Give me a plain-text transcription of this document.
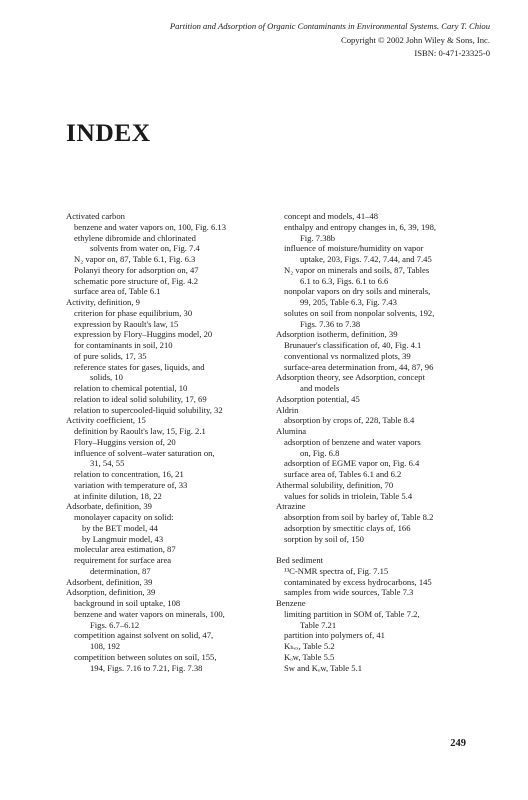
Partition and Adsorption of Organic Contaminants in Environmental Systems. Cary T. Chiou
Copyright © 2002 John Wiley & Sons, Inc.
ISBN: 0-471-23325-0
INDEX
Activated carbon
benzene and water vapors on, 100, Fig. 6.13
ethylene dibromide and chlorinated
solvents from water on, Fig. 7.4
N₂ vapor on, 87, Table 6.1, Fig. 6.3
Polanyi theory for adsorption on, 47
schematic pore structure of, Fig. 4.2
surface area of, Table 6.1
Activity, definition, 9
criterion for phase equilibrium, 30
expression by Raoult's law, 15
expression by Flory–Huggins model, 20
for contaminants in soil, 210
of pure solids, 17, 35
reference states for gases, liquids, and
solids, 10
relation to chemical potential, 10
relation to ideal solid solubility, 17, 69
relation to supercooled-liquid solubility, 32
Activity coefficient, 15
definition by Raoult's law, 15, Fig. 2.1
Flory–Huggins version of, 20
influence of solvent–water saturation on,
31, 54, 55
relation to concentration, 16, 21
variation with temperature of, 33
at infinite dilution, 18, 22
Adsorbate, definition, 39
monolayer capacity on solid:
by the BET model, 44
by Langmuir model, 43
molecular area estimation, 87
requirement for surface area
determination, 87
Adsorbent, definition, 39
Adsorption, definition, 39
background in soil uptake, 108
benzene and water vapors on minerals, 100,
Figs. 6.7–6.12
competition against solvent on solid, 47,
108, 192
competition between solutes on soil, 155,
194, Figs. 7.16 to 7.21, Fig. 7.38
concept and models, 41–48
enthalpy and entropy changes in, 6, 39, 198,
Fig. 7.38b
influence of moisture/humidity on vapor
uptake, 203, Figs. 7.42, 7.44, and 7.45
N₂ vapor on minerals and soils, 87, Tables
6.1 to 6.3, Figs. 6.1 to 6.6
nonpolar vapors on dry soils and minerals,
99, 205, Table 6.3, Fig. 7.43
solutes on soil from nonpolar solvents, 192,
Figs. 7.36 to 7.38
Adsorption isotherm, definition, 39
Brunauer's classification of, 40, Fig. 4.1
conventional vs normalized plots, 39
surface-area determination from, 44, 87, 96
Adsorption theory, see Adsorption, concept
and models
Adsorption potential, 45
Aldrin
absorption by crops of, 228, Table 8.4
Alumina
adsorption of benzene and water vapors
on, Fig. 6.8
adsorption of EGME vapor on, Fig. 6.4
surface area of, Tables 6.1 and 6.2
Athermal solubility, definition, 70
values for solids in triolein, Table 5.4
Atrazine
absorption from soil by barley of, Table 8.2
adsorption by smectitic clays of, 166
sorption by soil of, 150
Bed sediment
¹³C-NMR spectra of, Fig. 7.15
contaminated by excess hydrocarbons, 145
samples from wide sources, Table 7.3
Benzene
limiting partition in SOM of, Table 7.2,
Table 7.21
partition into polymers of, 41
Kₕₑₓ, Table 5.2
Kₒw, Table 5.5
Sw and Kₒw, Table 5.1
249
